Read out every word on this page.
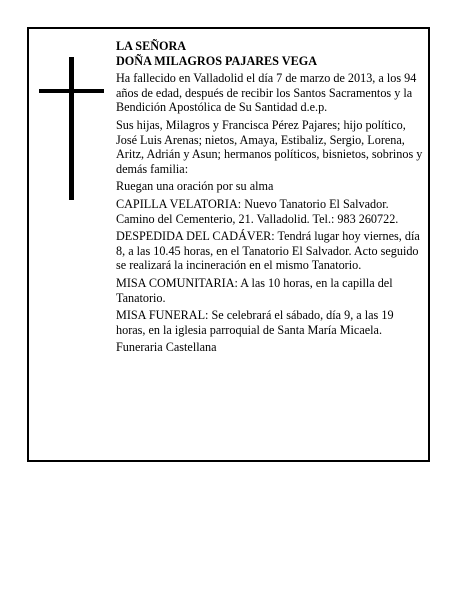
LA SEÑORA

DOÑA MILAGROS PAJARES VEGA

Ha fallecido en Valladolid el día 7 de marzo de 2013, a los 94 años de edad, después de recibir los Santos Sacramentos y la Bendición Apostólica de Su Santidad d.e.p.

Sus hijas, Milagros y Francisca Pérez Pajares; hijo político, José Luis Arenas; nietos, Amaya, Estibaliz, Sergio, Lorena, Aritz, Adrián y Asun; hermanos políticos, bisnietos, sobrinos y demás familia:

Ruegan una oración por su alma

CAPILLA VELATORIA: Nuevo Tanatorio El Salvador. Camino del Cementerio, 21. Valladolid. Tel.: 983 260722.

DESPEDIDA DEL CADÁVER: Tendrá lugar hoy viernes, día 8, a las 10.45 horas, en el Tanatorio El Salvador. Acto seguido se realizará la incineración en el mismo Tanatorio.

MISA COMUNITARIA: A las 10 horas, en la capilla del Tanatorio.

MISA FUNERAL: Se celebrará el sábado, día 9, a las 19 horas, en la iglesia parroquial de Santa María Micaela.

Funeraria Castellana
